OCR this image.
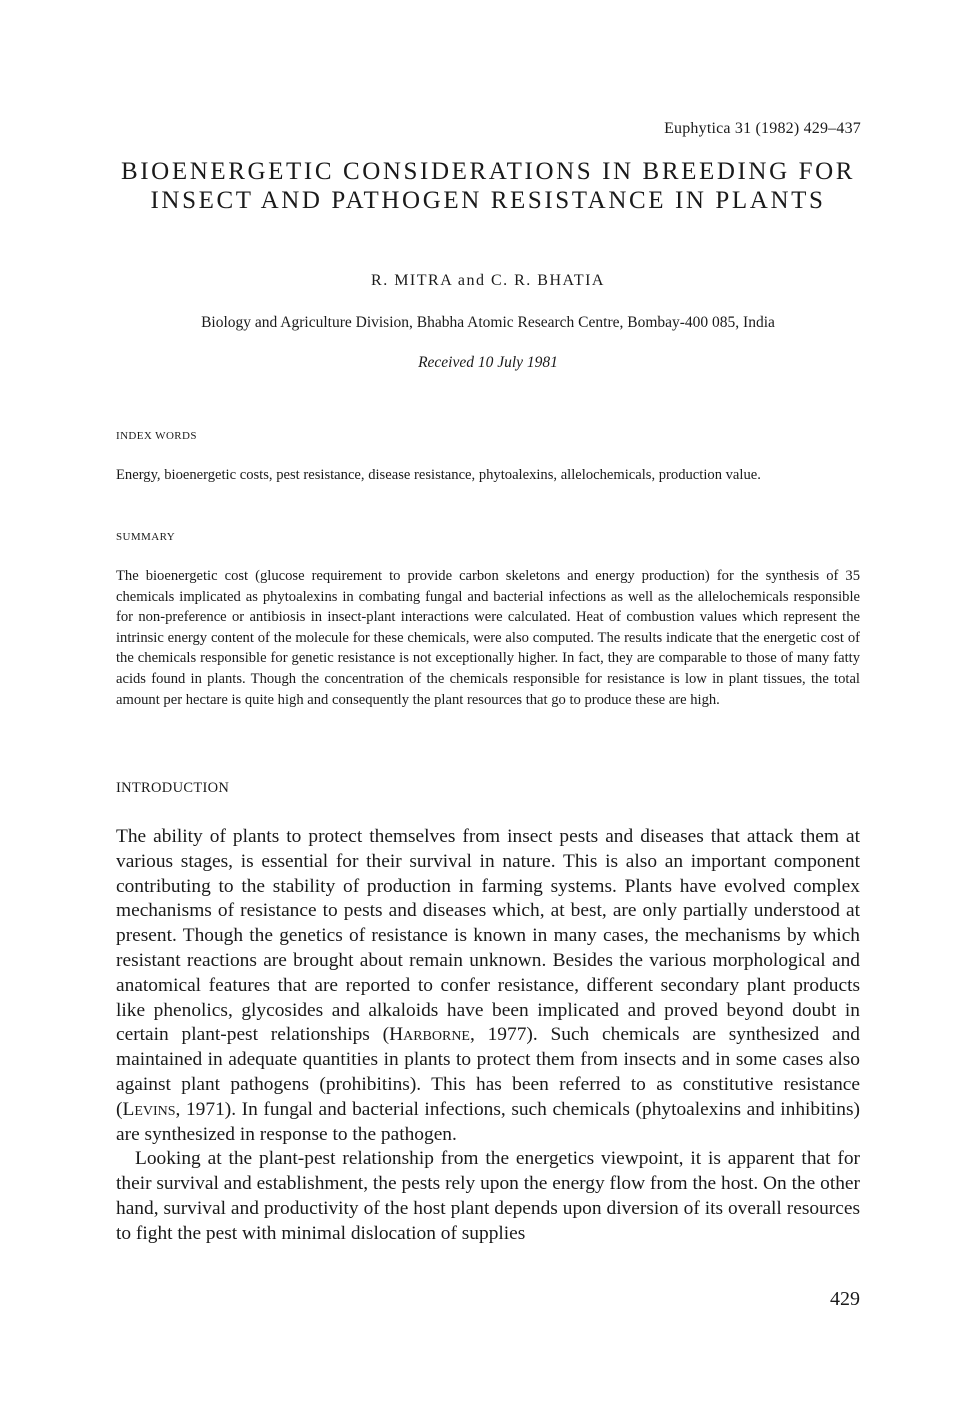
Euphytica 31 (1982) 429–437
BIOENERGETIC CONSIDERATIONS IN BREEDING FOR INSECT AND PATHOGEN RESISTANCE IN PLANTS
R. MITRA and C. R. BHATIA
Biology and Agriculture Division, Bhabha Atomic Research Centre, Bombay-400 085, India
Received 10 July 1981
INDEX WORDS

Energy, bioenergetic costs, pest resistance, disease resistance, phytoalexins, allelochemicals, production value.

SUMMARY

The bioenergetic cost (glucose requirement to provide carbon skeletons and energy production) for the synthesis of 35 chemicals implicated as phytoalexins in combating fungal and bacterial infections as well as the allelochemicals responsible for non-preference or antibiosis in insect-plant interactions were calculated. Heat of combustion values which represent the intrinsic energy content of the molecule for these chemicals, were also computed. The results indicate that the energetic cost of the chemicals responsible for genetic resistance is not exceptionally higher. In fact, they are comparable to those of many fatty acids found in plants. Though the concentration of the chemicals responsible for resistance is low in plant tissues, the total amount per hectare is quite high and consequently the plant resources that go to produce these are high.

INTRODUCTION

The ability of plants to protect themselves from insect pests and diseases that attack them at various stages, is essential for their survival in nature. This is also an important component contributing to the stability of production in farming systems. Plants have evolved complex mechanisms of resistance to pests and diseases which, at best, are only partially understood at present. Though the genetics of resistance is known in many cases, the mechanisms by which resistant reactions are brought about remain unknown. Besides the various morphological and anatomical features that are reported to confer resistance, different secondary plant products like phenolics, glycosides and alkaloids have been implicated and proved beyond doubt in certain plant-pest relationships (Harborne, 1977). Such chemicals are synthesized and maintained in adequate quantities in plants to protect them from insects and in some cases also against plant pathogens (prohibitins). This has been referred to as constitutive resistance (Levins, 1971). In fungal and bacterial infections, such chemicals (phytoalexins and inhibitins) are synthesized in response to the pathogen.

Looking at the plant-pest relationship from the energetics viewpoint, it is apparent that for their survival and establishment, the pests rely upon the energy flow from the host. On the other hand, survival and productivity of the host plant depends upon diversion of its overall resources to fight the pest with minimal dislocation of supplies

429
